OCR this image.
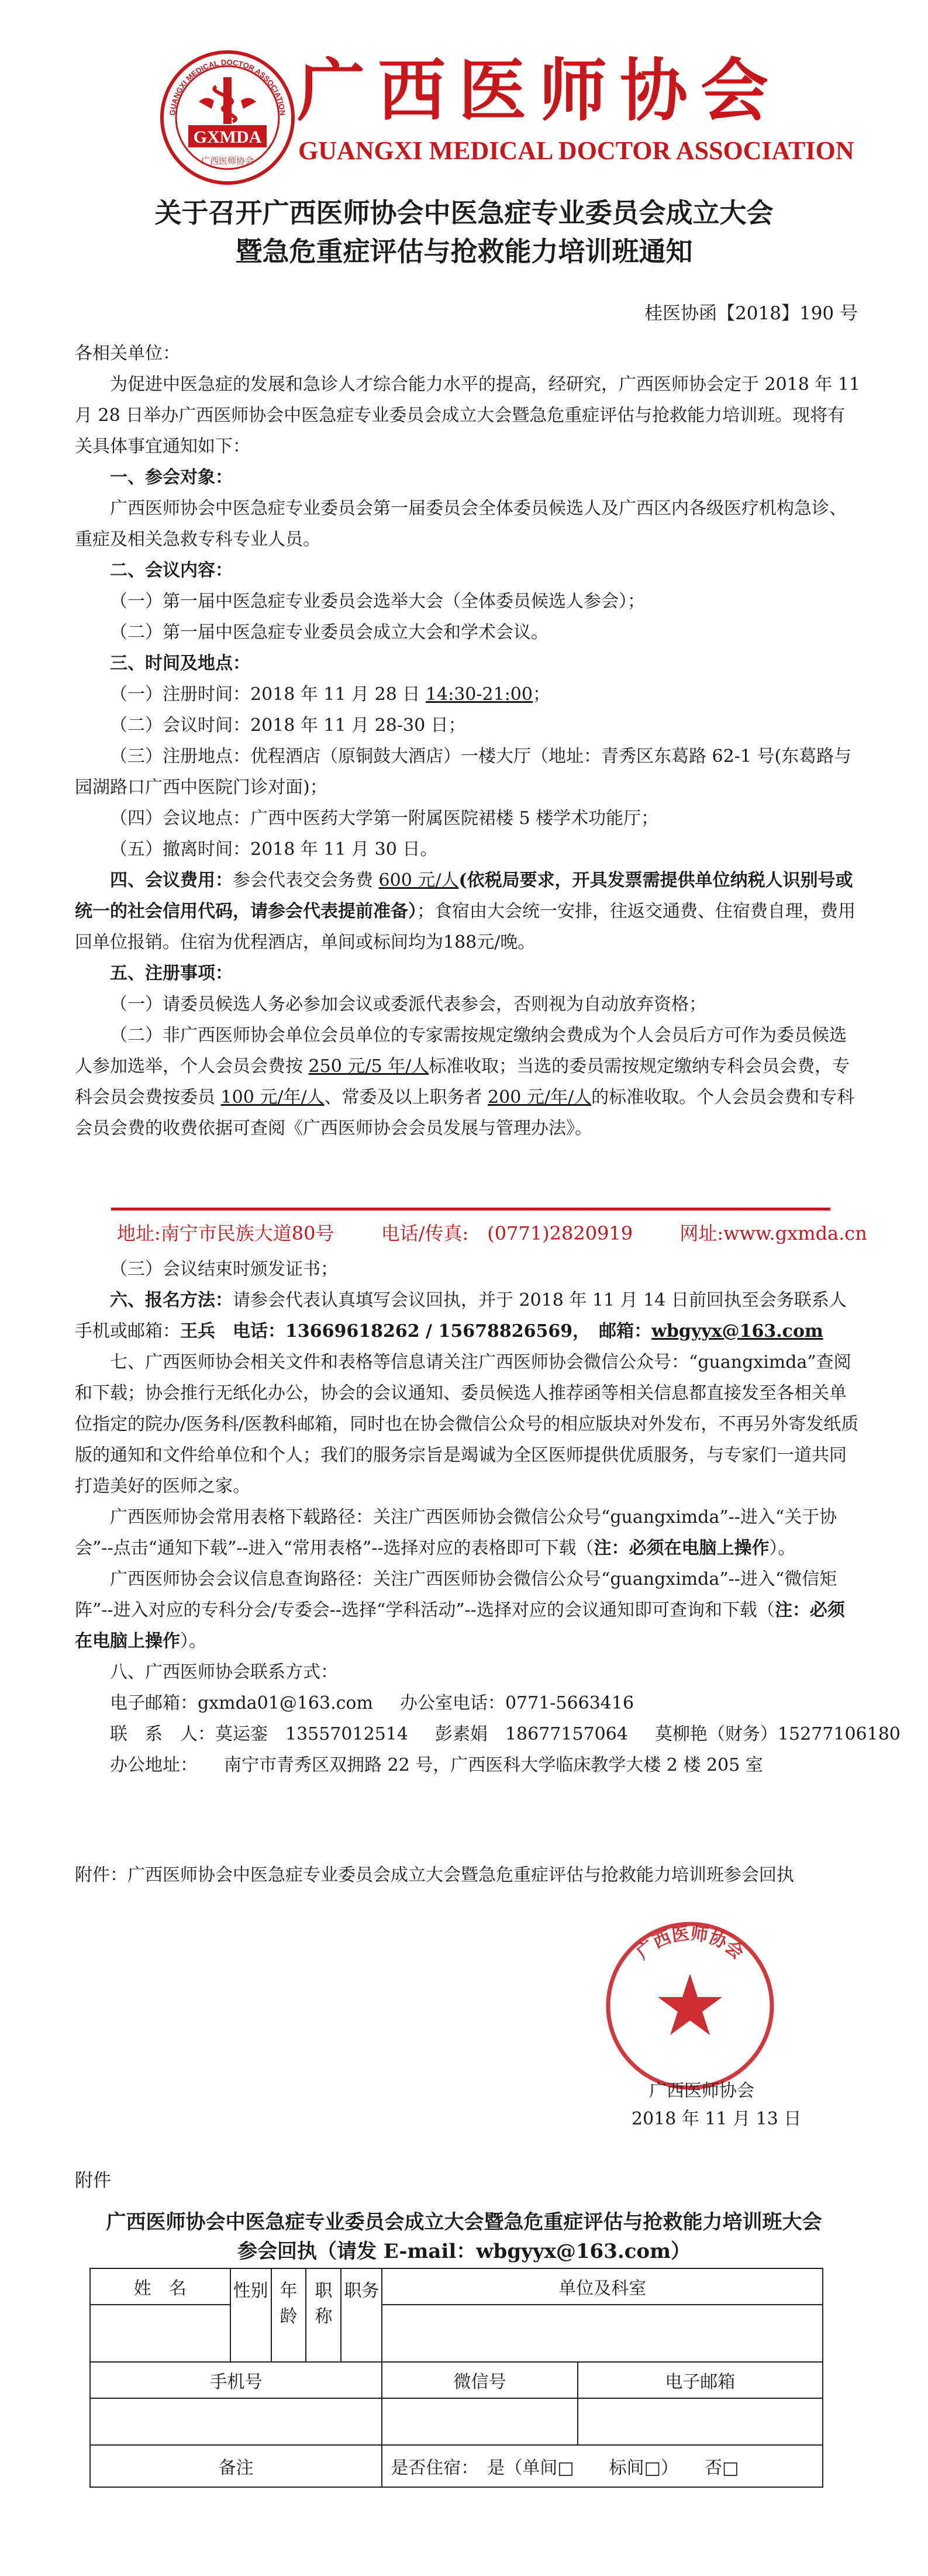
GUANGXI MEDICAL DOCTOR ASSOCIATION
GXMDA
广西医师协会
广西医师协会
GUANGXI MEDICAL DOCTOR ASSOCIATION
关于召开广西医师协会中医急症专业委员会成立大会
暨急危重症评估与抢救能力培训班通知
桂医协函【2018】190 号

各相关单位：

为促进中医急症的发展和急诊人才综合能力水平的提高，经研究，广西医师协会定于 2018 年 11 月 28 日举办广西医师协会中医急症专业委员会成立大会暨急危重症评估与抢救能力培训班。现将有关具体事宜通知如下：

一、参会对象：

广西医师协会中医急症专业委员会第一届委员会全体委员候选人及广西区内各级医疗机构急诊、重症及相关急救专科专业人员。

二、会议内容：

（一）第一届中医急症专业委员会选举大会（全体委员候选人参会）；

（二）第一届中医急症专业委员会成立大会和学术会议。

三、时间及地点：

（一）注册时间：2018 年 11 月 28 日 14:30-21:00；

（二）会议时间：2018 年 11 月 28-30 日；

（三）注册地点：优程酒店（原铜鼓大酒店）一楼大厅（地址：青秀区东葛路 62-1 号(东葛路与园湖路口广西中医院门诊对面)；

（四）会议地点：广西中医药大学第一附属医院裙楼 5 楼学术功能厅；

（五）撤离时间：2018 年 11 月 30 日。

四、会议费用：参会代表交会务费 600 元/人(依税局要求，开具发票需提供单位纳税人识别号或统一的社会信用代码，请参会代表提前准备）；食宿由大会统一安排，往返交通费、住宿费自理，费用回单位报销。住宿为优程酒店，单间或标间均为188元/晚。

五、注册事项：

（一）请委员候选人务必参加会议或委派代表参会，否则视为自动放弃资格；

（二）非广西医师协会单位会员单位的专家需按规定缴纳会费成为个人会员后方可作为委员候选人参加选举，个人会员会费按 250 元/5 年/人标准收取；当选的委员需按规定缴纳专科会员会费，专科会员会费按委员 100 元/年/人、常委及以上职务者 200 元/年/人的标准收取。个人会员会费和专科会员会费的收费依据可查阅《广西医师协会会员发展与管理办法》。

地址:南宁市民族大道80号	电话/传真:　(0771)2820919	网址:www.gxmda.cn

（三）会议结束时颁发证书；

六、报名方法：请参会代表认真填写会议回执，并于 2018 年 11 月 14 日前回执至会务联系人手机或邮箱：王兵　电话：13669618262 / 15678826569，　邮箱：wbgyyx@163.com

七、广西医师协会相关文件和表格等信息请关注广西医师协会微信公众号：“guangximda”查阅和下载；协会推行无纸化办公，协会的会议通知、委员候选人推荐函等相关信息都直接发至各相关单位指定的院办/医务科/医教科邮箱，同时也在协会微信公众号的相应版块对外发布，不再另外寄发纸质版的通知和文件给单位和个人；我们的服务宗旨是竭诚为全区医师提供优质服务，与专家们一道共同打造美好的医师之家。

广西医师协会常用表格下载路径：关注广西医师协会微信公众号“guangximda”--进入“关于协会”--点击“通知下载”--进入“常用表格”--选择对应的表格即可下载（注：必须在电脑上操作）。

广西医师协会会议信息查询路径：关注广西医师协会微信公众号“guangximda”--进入“微信矩阵”--进入对应的专科分会/专委会--选择“学科活动”--选择对应的会议通知即可查询和下载（注：必须在电脑上操作）。

八、广西医师协会联系方式：

电子邮箱：gxmda01@163.com 办公室电话：0771-5663416

联　系　人：莫运銮　13557012514 彭素娟　18677157064 莫柳艳（财务）15277106180

办公地址：　　南宁市青秀区双拥路 22 号，广西医科大学临床教学大楼 2 楼 205 室

附件：广西医师协会中医急症专业委员会成立大会暨急危重症评估与抢救能力培训班参会回执
广西医师协会
广西医师协会
2018 年 11 月 13 日
附件
广西医师协会中医急症专业委员会成立大会暨急危重症评估与抢救能力培训班大会
参会回执（请发 E-mail：wbgyyx@163.com）
姓　名	性别	年龄	职称	职务	单位及科室	

手机号					微信号	电子邮箱

备注					是否住宿：　是（单间□　　标间□）　　否□	
